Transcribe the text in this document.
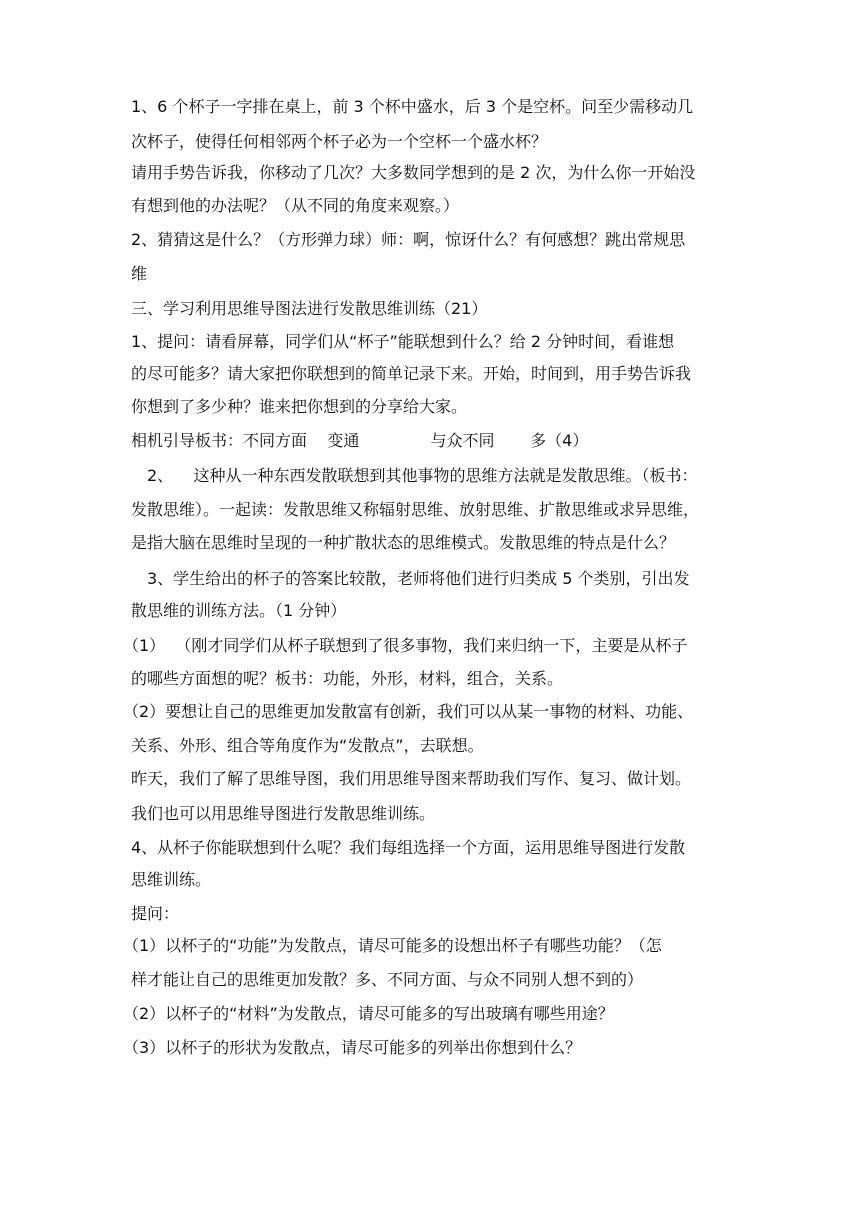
1、6 个杯子一字排在桌上，前 3 个杯中盛水，后 3 个是空杯。问至少需移动几
次杯子，使得任何相邻两个杯子必为一个空杯一个盛水杯？
请用手势告诉我，你移动了几次？大多数同学想到的是 2 次，为什么你一开始没
有想到他的办法呢？（从不同的角度来观察。）
2、猜猜这是什么？（方形弹力球）师：啊，惊讶什么？有何感想？跳出常规思
维
三、学习利用思维导图法进行发散思维训练（21）
1、提问：请看屏幕，同学们从“杯子”能联想到什么？给 2 分钟时间，看谁想
的尽可能多？请大家把你联想到的简单记录下来。开始，时间到，用手势告诉我
你想到了多少种？谁来把你想到的分享给大家。
相机引导板书：不同方面    变通              与众不同       多（4）
2、    这种从一种东西发散联想到其他事物的思维方法就是发散思维。（板书：
发散思维）。一起读：发散思维又称辐射思维、放射思维、扩散思维或求异思维，
是指大脑在思维时呈现的一种扩散状态的思维模式。发散思维的特点是什么？
3、学生给出的杯子的答案比较散，老师将他们进行归类成 5 个类别，引出发
散思维的训练方法。（1 分钟）
（1）  （刚才同学们从杯子联想到了很多事物，我们来归纳一下，主要是从杯子
的哪些方面想的呢？板书：功能，外形，材料，组合，关系。
（2）要想让自己的思维更加发散富有创新，我们可以从某一事物的材料、功能、
关系、外形、组合等角度作为“发散点”，去联想。
昨天，我们了解了思维导图，我们用思维导图来帮助我们写作、复习、做计划。
我们也可以用思维导图进行发散思维训练。
4、从杯子你能联想到什么呢？我们每组选择一个方面，运用思维导图进行发散
思维训练。
提问：
（1）以杯子的“功能”为发散点，请尽可能多的设想出杯子有哪些功能？（怎
样才能让自己的思维更加发散？多、不同方面、与众不同别人想不到的）
（2）以杯子的“材料”为发散点，请尽可能多的写出玻璃有哪些用途？
（3）以杯子的形状为发散点，请尽可能多的列举出你想到什么？
